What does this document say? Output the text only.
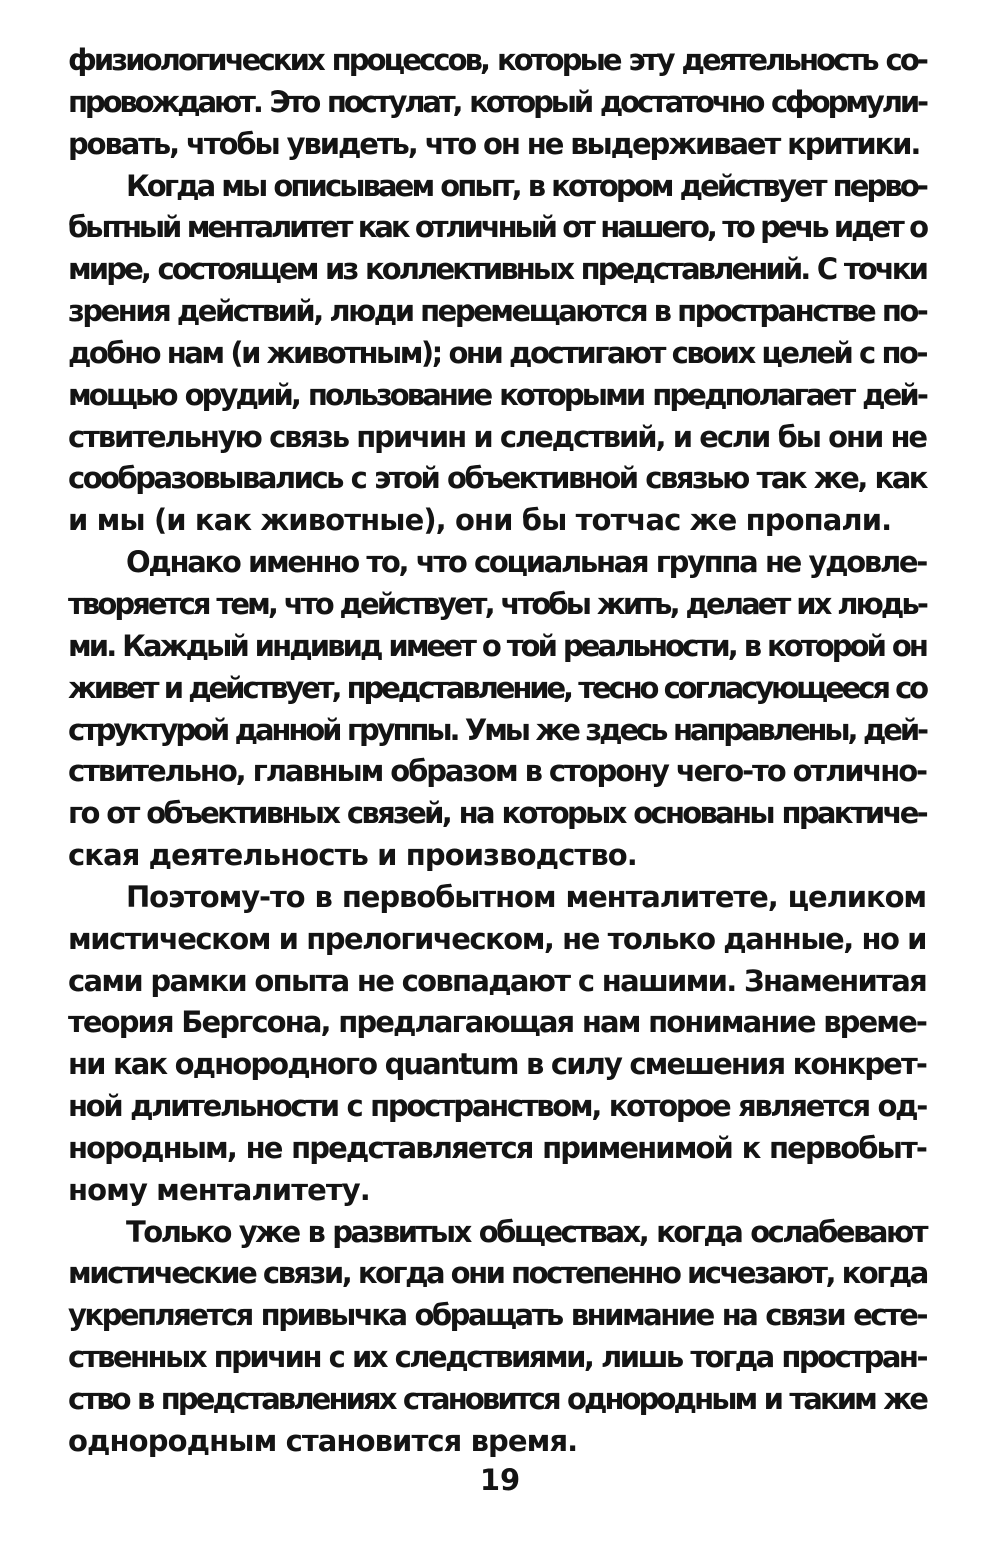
физиологических процессов, которые эту деятельность со-
провождают. Это постулат, который достаточно сформули-
ровать, чтобы увидеть, что он не выдерживает критики.
Когда мы описываем опыт, в котором действует перво-
бытный менталитет как отличный от нашего, то речь идет о
мире, состоящем из коллективных представлений. С точки
зрения действий, люди перемещаются в пространстве по-
добно нам (и животным); они достигают своих целей с по-
мощью орудий, пользование которыми предполагает дей-
ствительную связь причин и следствий, и если бы они не
сообразовывались с этой объективной связью так же, как
и мы (и как животные), они бы тотчас же пропали.
Однако именно то, что социальная группа не удовле-
творяется тем, что действует, чтобы жить, делает их людь-
ми. Каждый индивид имеет о той реальности, в которой он
живет и действует, представление, тесно согласующееся со
структурой данной группы. Умы же здесь направлены, дей-
ствительно, главным образом в сторону чего-то отлично-
го от объективных связей, на которых основаны практиче-
ская деятельность и производство.
Поэтому-то в первобытном менталитете, целиком
мистическом и прелогическом, не только данные, но и
сами рамки опыта не совпадают с нашими. Знаменитая
теория Бергсона, предлагающая нам понимание време-
ни как однородного quantum в силу смешения конкрет-
ной длительности с пространством, которое является од-
нородным, не представляется применимой к первобыт-
ному менталитету.
Только уже в развитых обществах, когда ослабевают
мистические связи, когда они постепенно исчезают, когда
укрепляется привычка обращать внимание на связи есте-
ственных причин с их следствиями, лишь тогда простран-
ство в представлениях становится однородным и таким же
однородным становится время.
19
